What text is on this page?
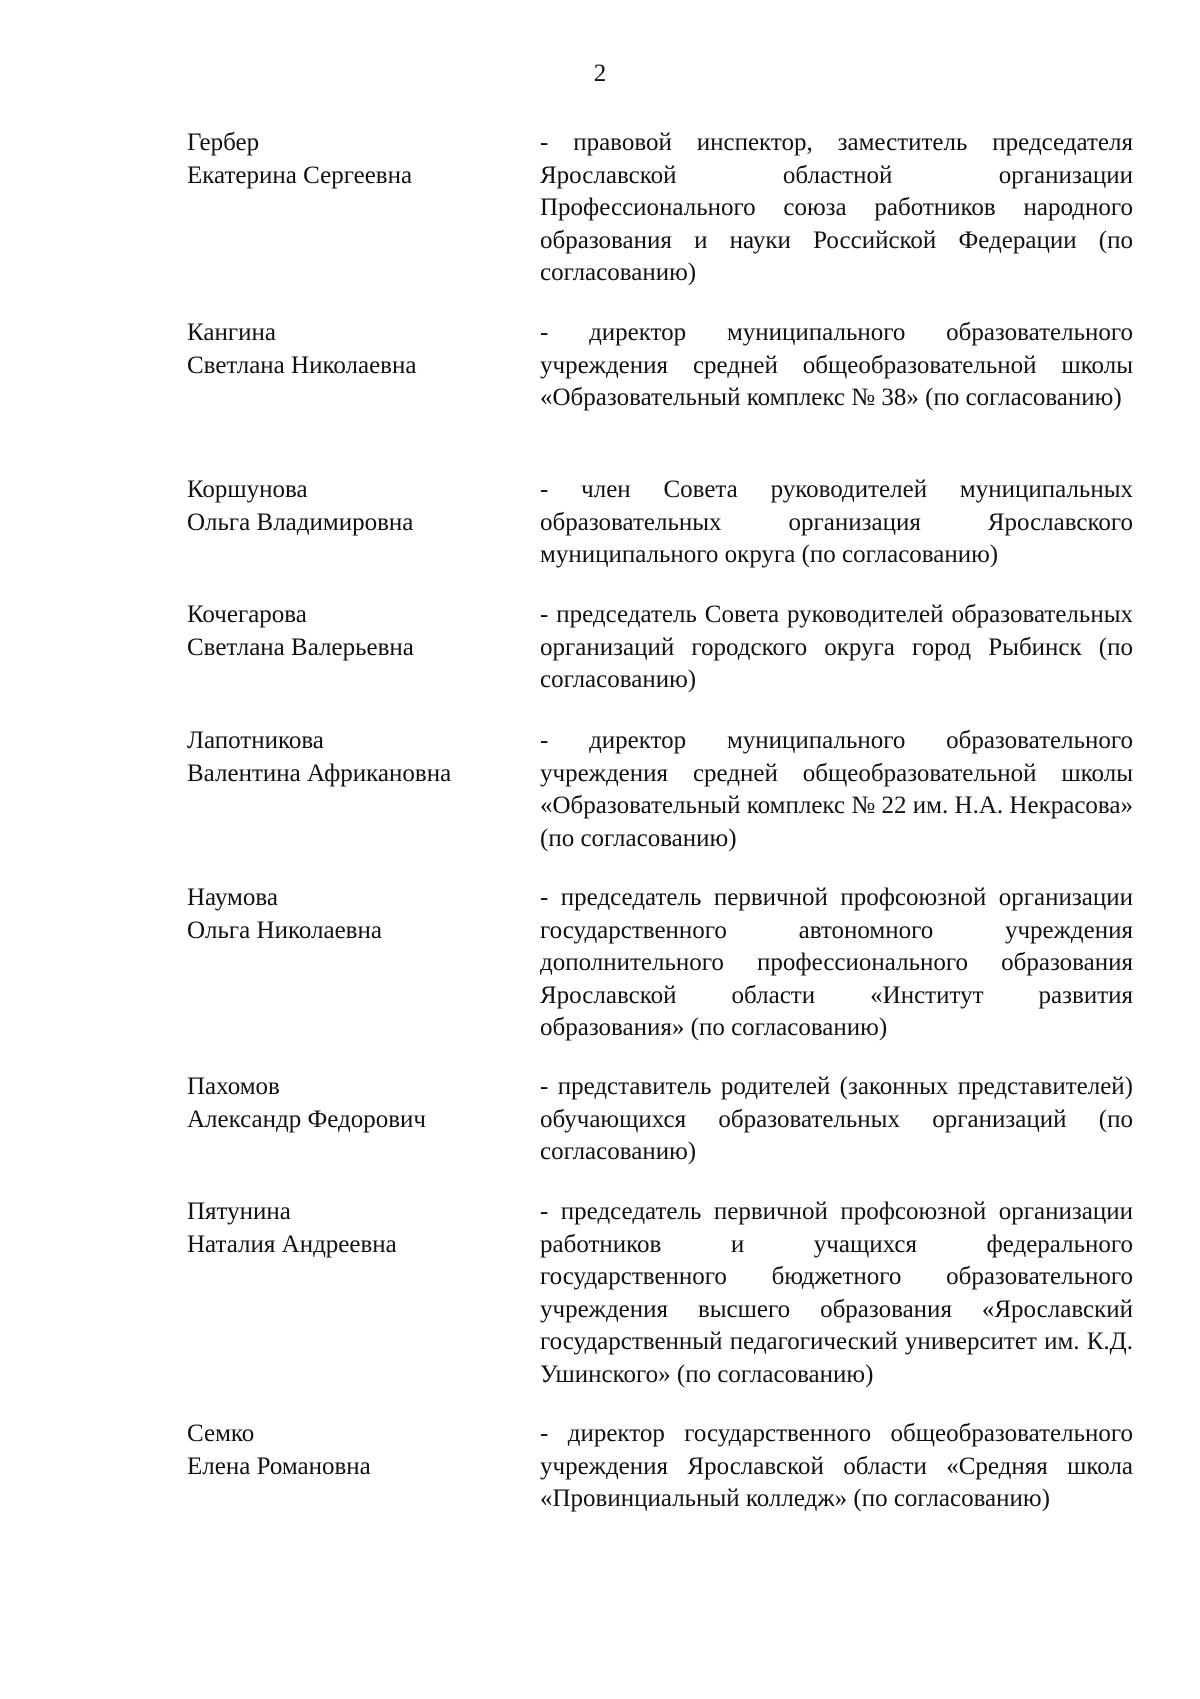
2
Гербер
Екатерина Сергеевна
- правовой инспектор, заместитель председателя Ярославской областной организации Профессионального союза работников народного образования и науки Российской Федерации (по согласованию)
Кангина
Светлана Николаевна
- директор муниципального образовательного учреждения средней общеобразовательной школы «Образовательный комплекс № 38» (по согласованию)
Коршунова
Ольга Владимировна
- член Совета руководителей муниципальных образовательных организация Ярославского муниципального округа (по согласованию)
Кочегарова
Светлана Валерьевна
- председатель Совета руководителей образовательных организаций городского округа город Рыбинск (по согласованию)
Лапотникова
Валентина Африкановна
- директор муниципального образовательного учреждения средней общеобразовательной школы «Образовательный комплекс № 22 им. Н.А. Некрасова» (по согласованию)
Наумова
Ольга Николаевна
- председатель первичной профсоюзной организации государственного автономного учреждения дополнительного профессионального образования Ярославской области «Институт развития образования» (по согласованию)
Пахомов
Александр Федорович
- представитель родителей (законных представителей) обучающихся образовательных организаций (по согласованию)
Пятунина
Наталия Андреевна
- председатель первичной профсоюзной организации работников и учащихся федерального государственного бюджетного образовательного учреждения высшего образования «Ярославский государственный педагогический университет им. К.Д. Ушинского» (по согласованию)
Семко
Елена Романовна
- директор государственного общеобразовательного учреждения Ярославской области «Средняя школа «Провинциальный колледж» (по согласованию)
